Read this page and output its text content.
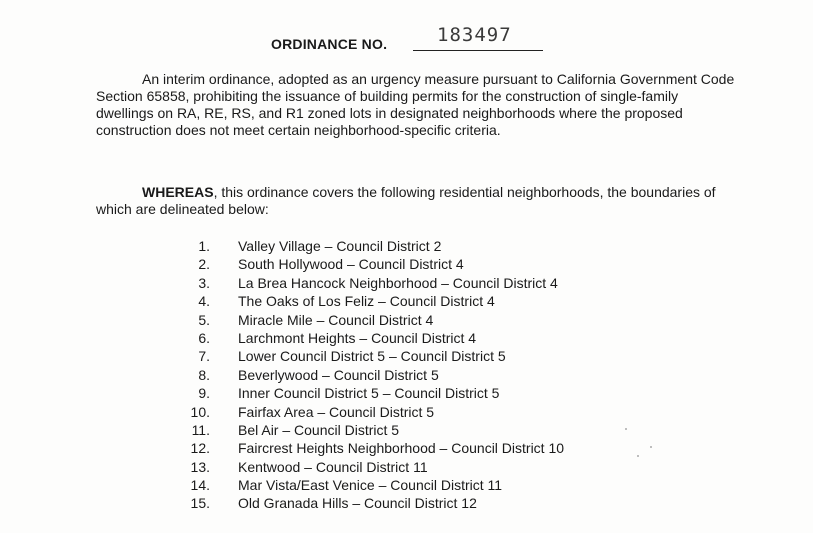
ORDINANCE NO.	183497

An interim ordinance, adopted as an urgency measure pursuant to California Government Code Section 65858, prohibiting the issuance of building permits for the construction of single-family dwellings on RA, RE, RS, and R1 zoned lots in designated neighborhoods where the proposed construction does not meet certain neighborhood-specific criteria.

WHEREAS, this ordinance covers the following residential neighborhoods, the boundaries of which are delineated below:

1. Valley Village – Council District 2
2. South Hollywood – Council District 4
3. La Brea Hancock Neighborhood – Council District 4
4. The Oaks of Los Feliz – Council District 4
5. Miracle Mile – Council District 4
6. Larchmont Heights – Council District 4
7. Lower Council District 5 – Council District 5
8. Beverlywood – Council District 5
9. Inner Council District 5 – Council District 5
10. Fairfax Area – Council District 5
11. Bel Air – Council District 5
12. Faircrest Heights Neighborhood – Council District 10
13. Kentwood – Council District 11
14. Mar Vista/East Venice – Council District 11
15. Old Granada Hills – Council District 12
